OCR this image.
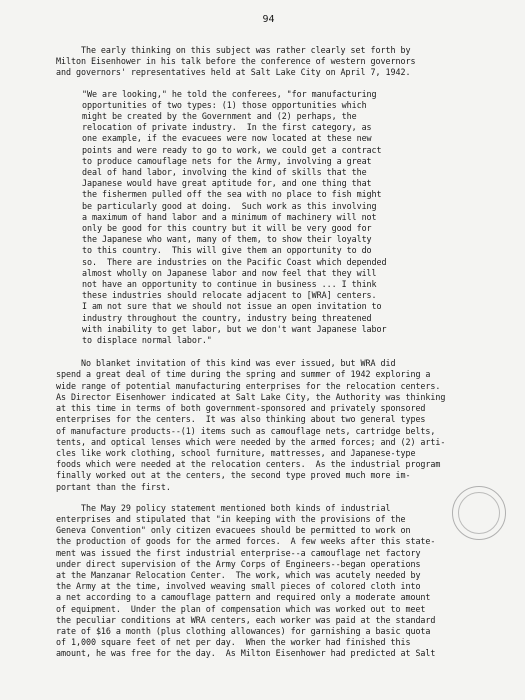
94
The early thinking on this subject was rather clearly set forth by
Milton Eisenhower in his talk before the conference of western governors
and governors' representatives held at Salt Lake City on April 7, 1942.
"We are looking," he told the conferees, "for manufacturing
opportunities of two types: (1) those opportunities which
might be created by the Government and (2) perhaps, the
relocation of private industry.  In the first category, as
one example, if the evacuees were now located at these new
points and were ready to go to work, we could get a contract
to produce camouflage nets for the Army, involving a great
deal of hand labor, involving the kind of skills that the
Japanese would have great aptitude for, and one thing that
the fishermen pulled off the sea with no place to fish might
be particularly good at doing.  Such work as this involving
a maximum of hand labor and a minimum of machinery will not
only be good for this country but it will be very good for
the Japanese who want, many of them, to show their loyalty
to this country.  This will give them an opportunity to do
so.  There are industries on the Pacific Coast which depended
almost wholly on Japanese labor and now feel that they will
not have an opportunity to continue in business ... I think
these industries should relocate adjacent to [WRA] centers.
I am not sure that we should not issue an open invitation to
industry throughout the country, industry being threatened
with inability to get labor, but we don't want Japanese labor
to displace normal labor."
No blanket invitation of this kind was ever issued, but WRA did
spend a great deal of time during the spring and summer of 1942 exploring a
wide range of potential manufacturing enterprises for the relocation centers.
As Director Eisenhower indicated at Salt Lake City, the Authority was thinking
at this time in terms of both government-sponsored and privately sponsored
enterprises for the centers.  It was also thinking about two general types
of manufacture products--(1) items such as camouflage nets, cartridge belts,
tents, and optical lenses which were needed by the armed forces; and (2) arti-
cles like work clothing, school furniture, mattresses, and Japanese-type
foods which were needed at the relocation centers.  As the industrial program
finally worked out at the centers, the second type proved much more im-
portant than the first.
The May 29 policy statement mentioned both kinds of industrial
enterprises and stipulated that "in keeping with the provisions of the
Geneva Convention" only citizen evacuees should be permitted to work on
the production of goods for the armed forces.  A few weeks after this state-
ment was issued the first industrial enterprise--a camouflage net factory
under direct supervision of the Army Corps of Engineers--began operations
at the Manzanar Relocation Center.  The work, which was acutely needed by
the Army at the time, involved weaving small pieces of colored cloth into
a net according to a camouflage pattern and required only a moderate amount
of equipment.  Under the plan of compensation which was worked out to meet
the peculiar conditions at WRA centers, each worker was paid at the standard
rate of $16 a month (plus clothing allowances) for garnishing a basic quota
of 1,000 square feet of net per day.  When the worker had finished this
amount, he was free for the day.  As Milton Eisenhower had predicted at Salt
